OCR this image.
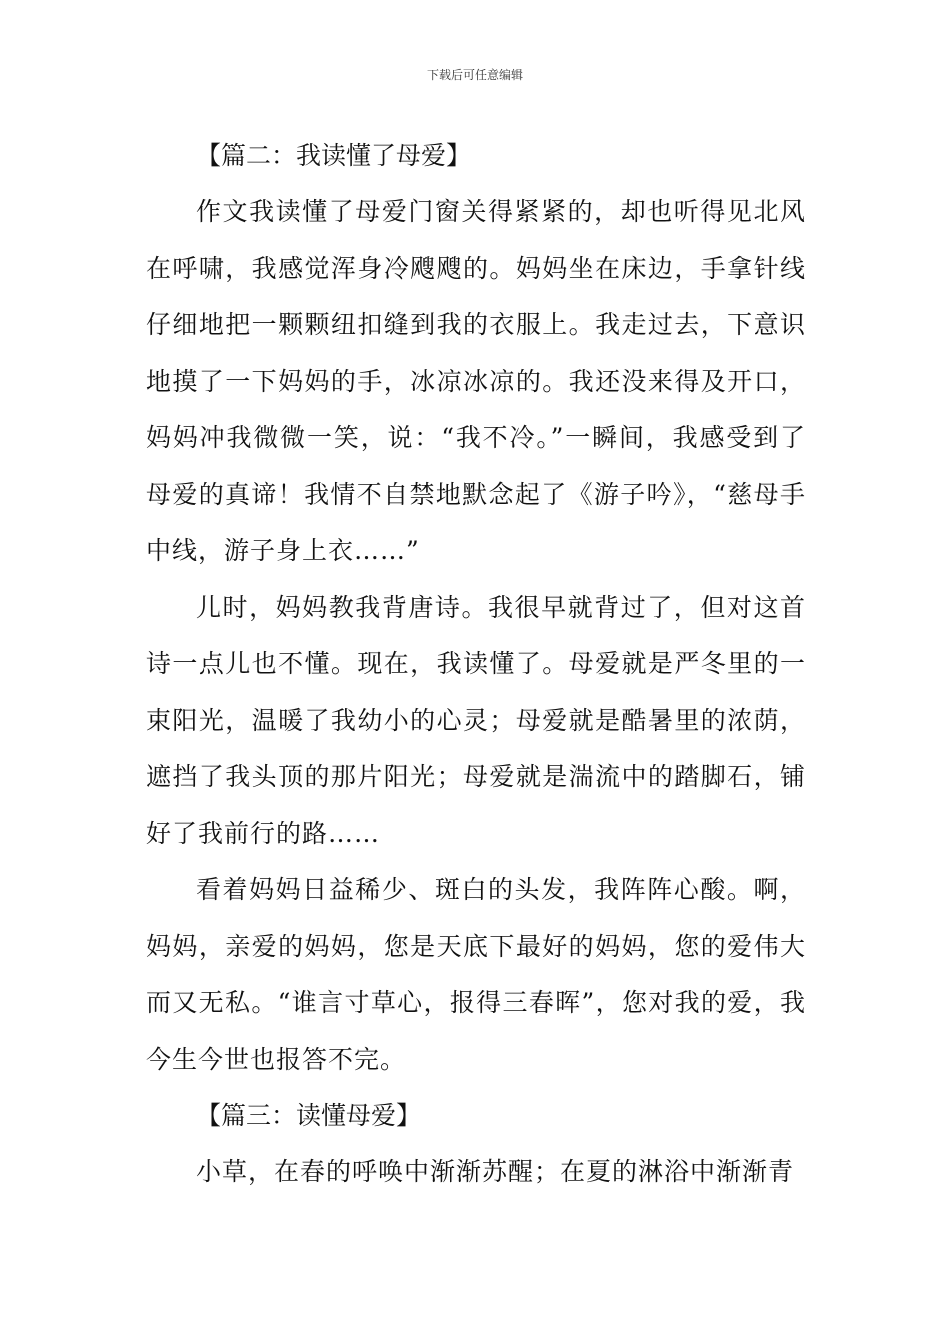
下载后可任意编辑

【篇二：我读懂了母爱】

作文我读懂了母爱门窗关得紧紧的，却也听得见北风在呼啸，我感觉浑身冷飕飕的。妈妈坐在床边，手拿针线仔细地把一颗颗纽扣缝到我的衣服上。我走过去，下意识地摸了一下妈妈的手，冰凉冰凉的。我还没来得及开口，妈妈冲我微微一笑，说：“我不冷。”一瞬间，我感受到了母爱的真谛！我情不自禁地默念起了《游子吟》，“慈母手中线，游子身上衣……”

儿时，妈妈教我背唐诗。我很早就背过了，但对这首诗一点儿也不懂。现在，我读懂了。母爱就是严冬里的一束阳光，温暖了我幼小的心灵；母爱就是酷暑里的浓荫，遮挡了我头顶的那片阳光；母爱就是湍流中的踏脚石，铺好了我前行的路……

看着妈妈日益稀少、斑白的头发，我阵阵心酸。啊，妈妈，亲爱的妈妈，您是天底下最好的妈妈，您的爱伟大而又无私。“谁言寸草心，报得三春晖”，您对我的爱，我今生今世也报答不完。

【篇三：读懂母爱】

小草，在春的呼唤中渐渐苏醒；在夏的淋浴中渐渐青
